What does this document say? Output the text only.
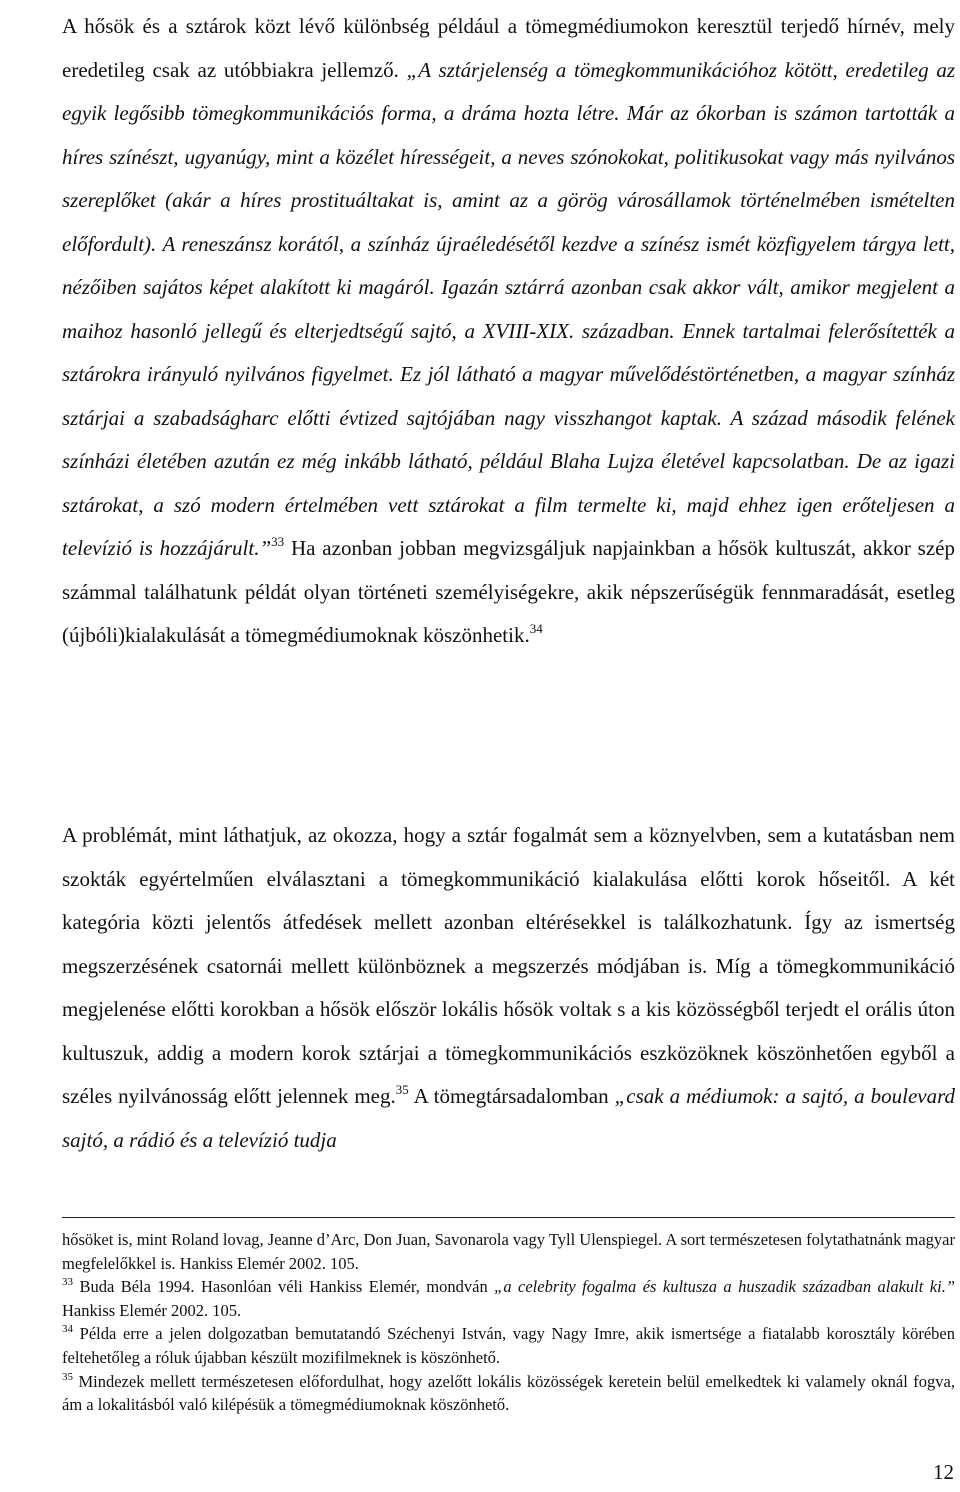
A hősök és a sztárok közt lévő különbség például a tömegmédiumokon keresztül terjedő hírnév, mely eredetileg csak az utóbbiakra jellemző. „A sztárjelenség a tömegkommunikációhoz kötött, eredetileg az egyik legősibb tömegkommunikációs forma, a dráma hozta létre. Már az ókorban is számon tartották a híres színészt, ugyanúgy, mint a közélet hírességeit, a neves szónokokat, politikusokat vagy más nyilvános szereplőket (akár a híres prostituáltakat is, amint az a görög városállamok történelmében ismételten előfordult). A reneszánsz korától, a színház újraéledésétől kezdve a színész ismét közfigyelem tárgya lett, nézőiben sajátos képet alakított ki magáról. Igazán sztárrá azonban csak akkor vált, amikor megjelent a maihoz hasonló jellegű és elterjedtségű sajtó, a XVIII-XIX. században. Ennek tartalmai felerősítették a sztárokra irányuló nyilvános figyelmet. Ez jól látható a magyar művelődéstörténetben, a magyar színház sztárjai a szabadságharc előtti évtized sajtójában nagy visszhangot kaptak. A század második felének színházi életében azután ez még inkább látható, például Blaha Lujza életével kapcsolatban. De az igazi sztárokat, a szó modern értelmében vett sztárokat a film termelte ki, majd ehhez igen erőteljesen a televízió is hozzájárult.”$^{33}$ Ha azonban jobban megvizsgáljuk napjainkban a hősök kultuszát, akkor szép számmal találhatunk példát olyan történeti személyiségekre, akik népszerűségük fennmaradását, esetleg (újbóli)kialakulását a tömegmédiumoknak köszönhetik.$^{34}$

A problémát, mint láthatjuk, az okozza, hogy a sztár fogalmát sem a köznyelvben, sem a kutatásban nem szokták egyértelműen elválasztani a tömegkommunikáció kialakulása előtti korok hőseitől. A két kategória közti jelentős átfedések mellett azonban eltérésekkel is találkozhatunk. Így az ismertség megszerzésének csatornái mellett különböznek a megszerzés módjában is. Míg a tömegkommunikáció megjelenése előtti korokban a hősök először lokális hősök voltak s a kis közösségből terjedt el orális úton kultuszuk, addig a modern korok sztárjai a tömegkommunikációs eszközöknek köszönhetően egyből a széles nyilvánosság előtt jelennek meg.$^{35}$ A tömegtársadalomban „csak a médiumok: a sajtó, a boulevard sajtó, a rádió és a televízió tudja

hősöket is, mint Roland lovag, Jeanne d’Arc, Don Juan, Savonarola vagy Tyll Ulenspiegel. A sort természetesen folytathatnánk magyar megfelelőkkel is. Hankiss Elemér 2002. 105.

$^{33}$ Buda Béla 1994. Hasonlóan véli Hankiss Elemér, mondván „a celebrity fogalma és kultusza a huszadik században alakult ki.” Hankiss Elemér 2002. 105.

$^{34}$ Példa erre a jelen dolgozatban bemutatandó Széchenyi István, vagy Nagy Imre, akik ismertsége a fiatalabb korosztály körében feltehetőleg a róluk újabban készült mozifilmeknek is köszönhető.

$^{35}$ Mindezek mellett természetesen előfordulhat, hogy azelőtt lokális közösségek keretein belül emelkedtek ki valamely oknál fogva, ám a lokalitásból való kilépésük a tömegmédiumoknak köszönhető.

12
